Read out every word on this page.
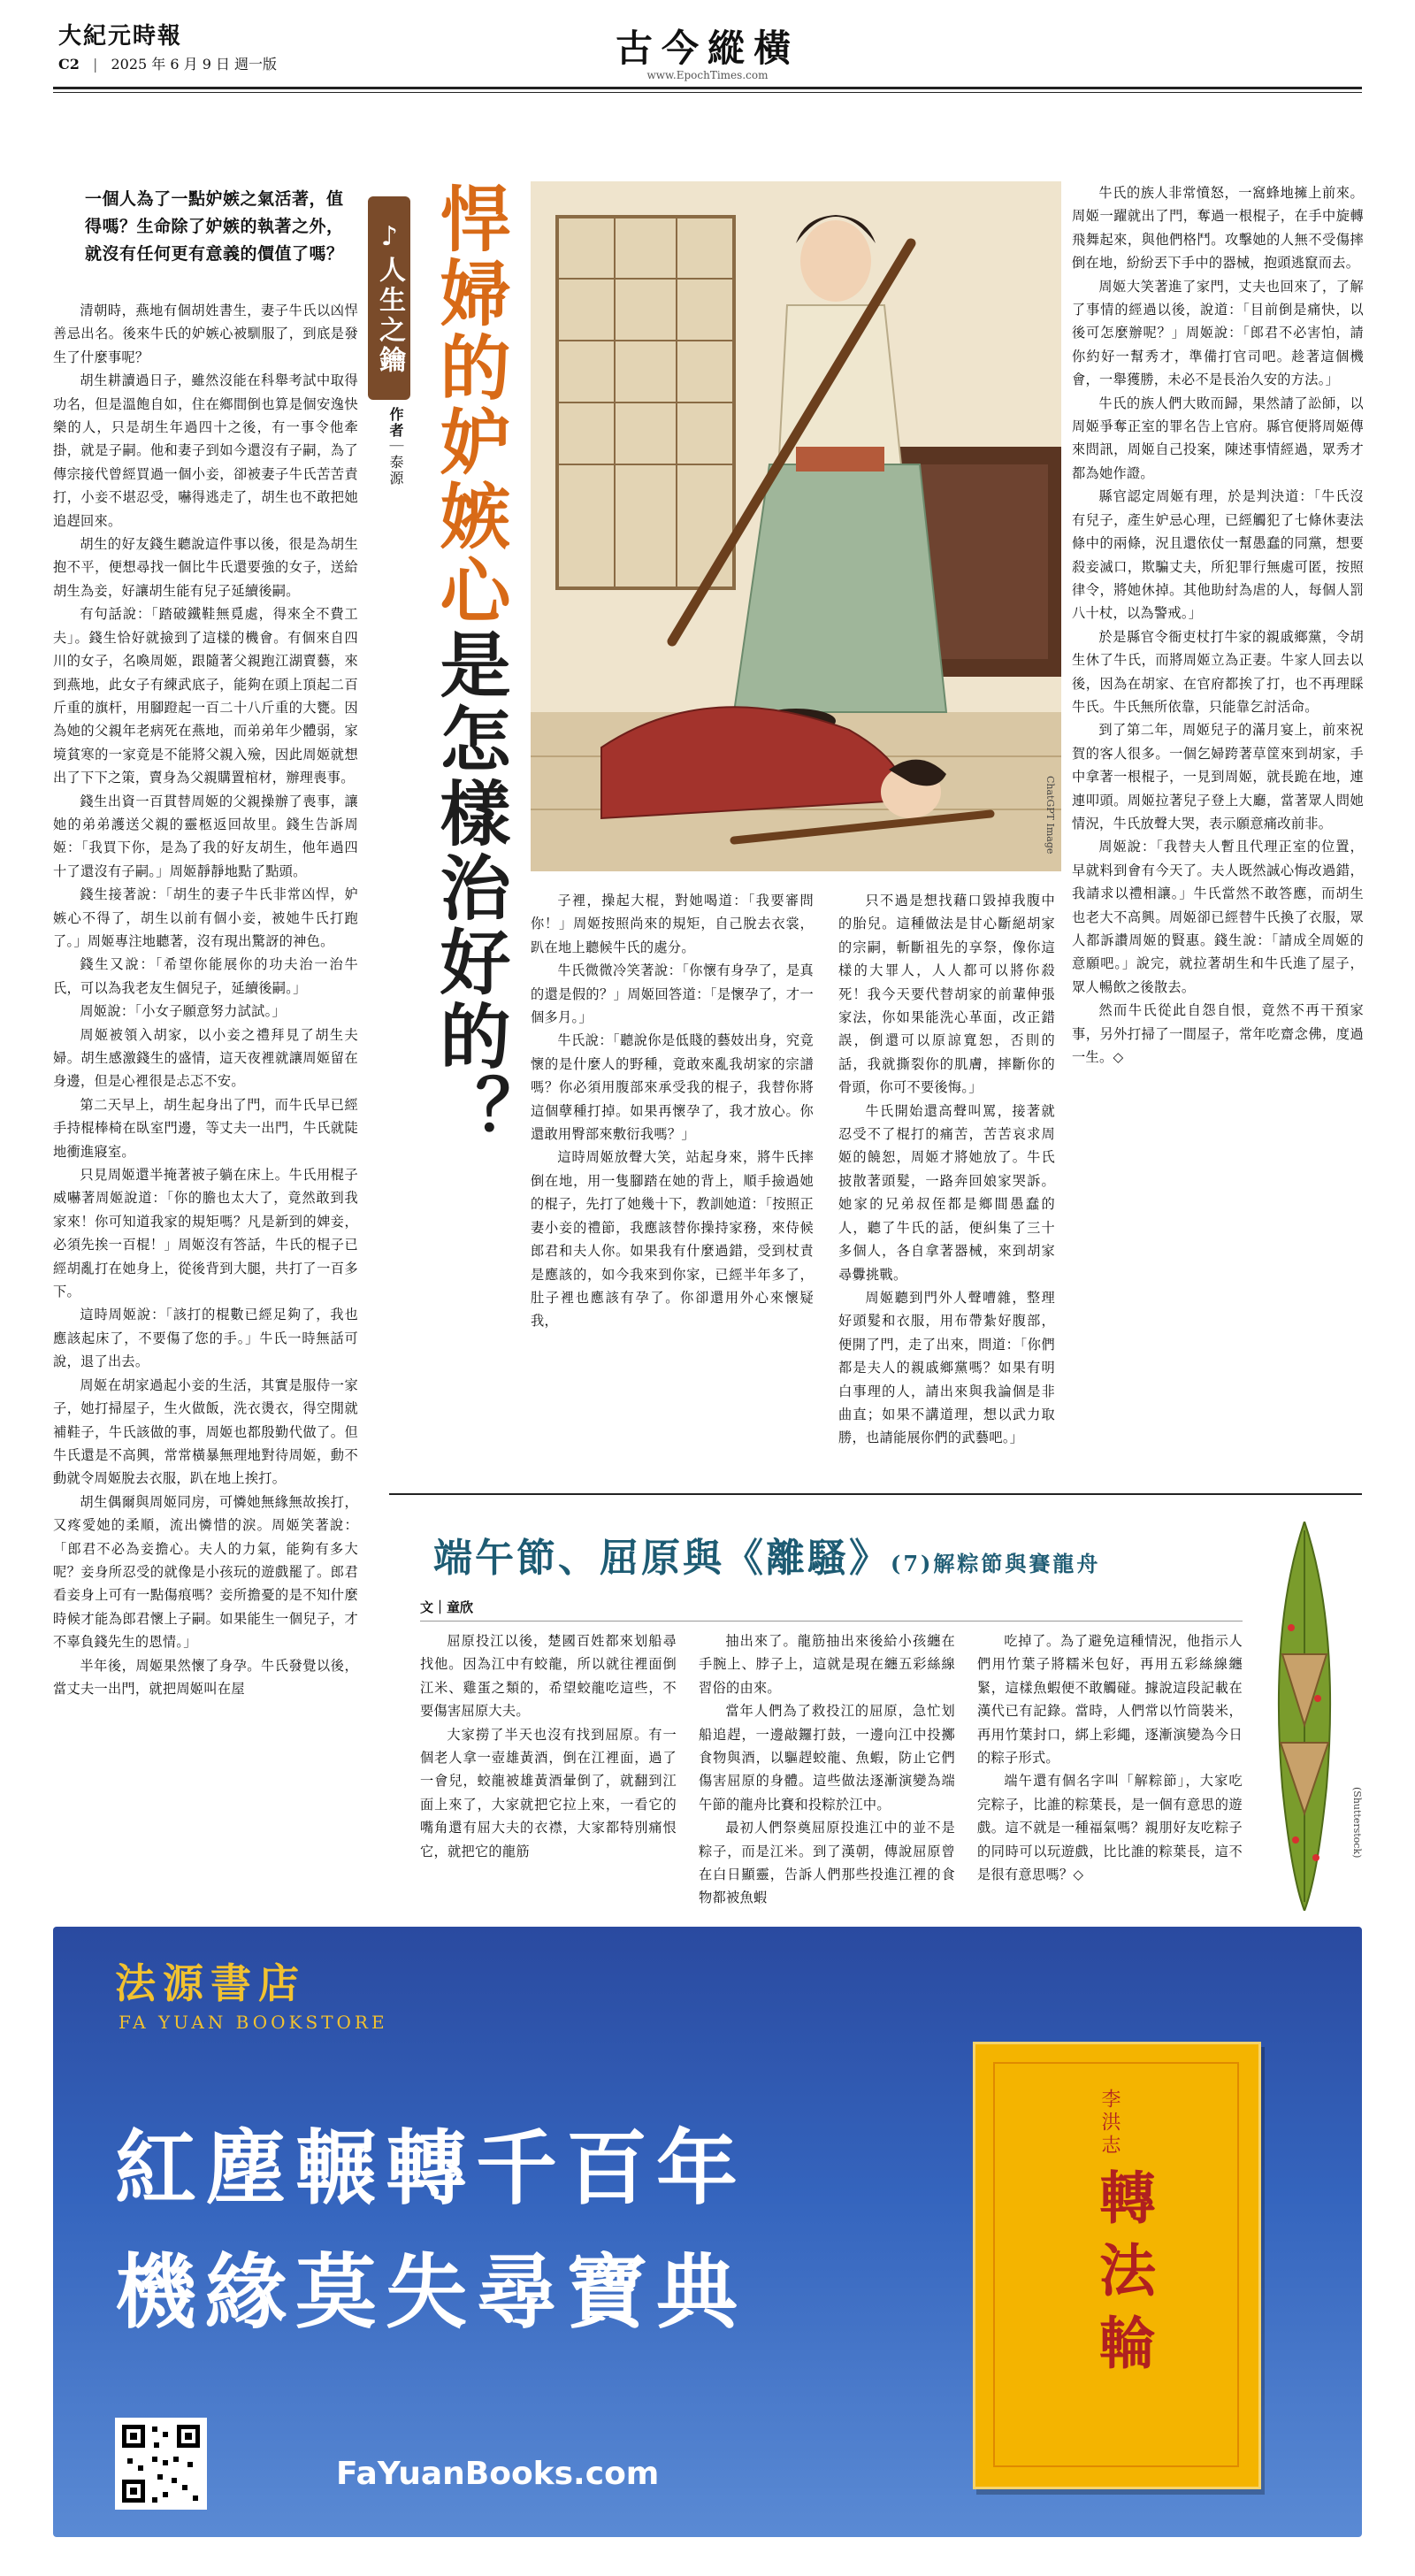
大紀元時報
C2 | 2025 年 6 月 9 日 週一版	古今縱橫
www.EpochTimes.com
一個人為了一點妒嫉之氣活著，值得嗎？生命除了妒嫉的執著之外，就沒有任何更有意義的價值了嗎？

清朝時，燕地有個胡姓書生，妻子牛氏以凶悍善忌出名。後來牛氏的妒嫉心被馴服了，到底是發生了什麼事呢？

胡生耕讀過日子，雖然沒能在科舉考試中取得功名，但是溫飽自如，住在鄉間倒也算是個安逸快樂的人，只是胡生年過四十之後，有一事令他牽掛，就是子嗣。他和妻子到如今還沒有子嗣，為了傳宗接代曾經買過一個小妾，卻被妻子牛氏苦苦責打，小妾不堪忍受，嚇得逃走了，胡生也不敢把她追趕回來。

胡生的好友錢生聽說這件事以後，很是為胡生抱不平，便想尋找一個比牛氏還要強的女子，送給胡生為妾，好讓胡生能有兒子延續後嗣。

有句話說：「踏破鐵鞋無覓處，得來全不費工夫」。錢生恰好就撿到了這樣的機會。有個來自四川的女子，名喚周姬，跟隨著父親跑江湖賣藝，來到燕地，此女子有練武底子，能夠在頭上頂起二百斤重的旗杆，用腳蹬起一百二十八斤重的大甕。因為她的父親年老病死在燕地，而弟弟年少體弱，家境貧寒的一家竟是不能將父親入殮，因此周姬就想出了下下之策，賣身為父親購置棺材，辦理喪事。

錢生出資一百貫替周姬的父親操辦了喪事，讓她的弟弟護送父親的靈柩返回故里。錢生告訴周姬：「我買下你，是為了我的好友胡生，他年過四十了還沒有子嗣。」周姬靜靜地點了點頭。

錢生接著說：「胡生的妻子牛氏非常凶悍，妒嫉心不得了，胡生以前有個小妾，被她牛氏打跑了。」周姬專注地聽著，沒有現出驚訝的神色。

錢生又說：「希望你能展你的功夫治一治牛氏，可以為我老友生個兒子，延續後嗣。」

周姬說：「小女子願意努力試試。」

周姬被領入胡家，以小妾之禮拜見了胡生夫婦。胡生感激錢生的盛情，這天夜裡就讓周姬留在身邊，但是心裡很是忐忑不安。

第二天早上，胡生起身出了門，而牛氏早已經手持棍棒椅在臥室門邊，等丈夫一出門，牛氏就陡地衝進寢室。

只見周姬還半掩著被子躺在床上。牛氏用棍子威嚇著周姬說道：「你的膽也太大了，竟然敢到我家來！你可知道我家的規矩嗎？凡是新到的婢妾，必須先挨一百棍！」周姬沒有答話，牛氏的棍子已經胡亂打在她身上，從後背到大腿，共打了一百多下。

這時周姬說：「該打的棍數已經足夠了，我也應該起床了，不要傷了您的手。」牛氏一時無話可說，退了出去。

周姬在胡家過起小妾的生活，其實是服侍一家子，她打掃屋子，生火做飯，洗衣燙衣，得空閒就補鞋子，牛氏該做的事，周姬也都殷勤代做了。但牛氏還是不高興，常常橫暴無理地對待周姬，動不動就令周姬脫去衣服，趴在地上挨打。

胡生偶爾與周姬同房，可憐她無緣無故挨打，又疼愛她的柔順，流出憐惜的淚。周姬笑著說：「郎君不必為妾擔心。夫人的力氣，能夠有多大呢？妾身所忍受的就像是小孩玩的遊戲罷了。郎君看妾身上可有一點傷痕嗎？妾所擔憂的是不知什麼時候才能為郎君懷上子嗣。如果能生一個兒子，才不辜負錢先生的恩情。」

半年後，周姬果然懷了身孕。牛氏發覺以後，當丈夫一出門，就把周姬叫在屋

♪人生之鑰
作者｜泰源 悍婦的妒嫉心是怎樣治好的？	ChatGPT Image

子裡，操起大棍，對她喝道：「我要審問你！」周姬按照尚來的規矩，自己脫去衣裳，趴在地上聽候牛氏的處分。

牛氏微微冷笑著說：「你懷有身孕了，是真的還是假的？」周姬回答道：「是懷孕了，才一個多月。」

牛氏說：「聽說你是低賤的藝妓出身，究竟懷的是什麼人的野種，竟敢來亂我胡家的宗譜嗎？你必須用腹部來承受我的棍子，我替你將這個孽種打掉。如果再懷孕了，我才放心。你還敢用臀部來敷衍我嗎？」

這時周姬放聲大笑，站起身來，將牛氏摔倒在地，用一隻腳踏在她的背上，順手撿過她的棍子，先打了她幾十下，教訓她道：「按照正妻小妾的禮節，我應該替你操持家務，來侍候郎君和夫人你。如果我有什麼過錯，受到杖責是應該的，如今我來到你家，已經半年多了，肚子裡也應該有孕了。你卻還用外心來懷疑我，

只不過是想找藉口毀掉我腹中的胎兒。這種做法是甘心斷絕胡家的宗嗣，斬斷祖先的享祭，像你這樣的大罪人，人人都可以將你殺死！我今天要代替胡家的前輩伸張家法，你如果能洗心革面，改正錯誤，倒還可以原諒寬恕，否則的話，我就撕裂你的肌膚，摔斷你的骨頭，你可不要後悔。」

牛氏開始還高聲叫罵，接著就忍受不了棍打的痛苦，苦苦哀求周姬的饒恕，周姬才將她放了。牛氏披散著頭髮，一路奔回娘家哭訴。她家的兄弟叔侄都是鄉間愚蠢的人，聽了牛氏的話，便糾集了三十多個人，各自拿著器械，來到胡家尋釁挑戰。

周姬聽到門外人聲嘈雜，整理好頭髮和衣服，用布帶紮好腹部，便開了門，走了出來，問道：「你們都是夫人的親戚鄉黨嗎？如果有明白事理的人，請出來與我論個是非曲直；如果不講道理，想以武力取勝，也請能展你們的武藝吧。」

牛氏的族人非常憤怒，一窩蜂地擁上前來。周姬一躍就出了門，奪過一根棍子，在手中旋轉飛舞起來，與他們格鬥。攻擊她的人無不受傷摔倒在地，紛紛丟下手中的器械，抱頭逃竄而去。

周姬大笑著進了家門，丈夫也回來了，了解了事情的經過以後，說道：「目前倒是痛快，以後可怎麼辦呢？」周姬說：「郎君不必害怕，請你約好一幫秀才，準備打官司吧。趁著這個機會，一舉獲勝，未必不是長治久安的方法。」

牛氏的族人們大敗而歸，果然請了訟師，以周姬爭奪正室的罪名告上官府。縣官便將周姬傳來問訊，周姬自己投案，陳述事情經過，眾秀才都為她作證。

縣官認定周姬有理，於是判決道：「牛氏沒有兒子，產生妒忌心理，已經觸犯了七條休妻法條中的兩條，況且還依仗一幫愚蠢的同黨，想要殺妾滅口，欺騙丈夫，所犯罪行無處可匿，按照律令，將她休掉。其他助紂為虐的人，每個人罰八十杖，以為警戒。」

於是縣官令衙吏杖打牛家的親戚鄉黨，令胡生休了牛氏，而將周姬立為正妻。牛家人回去以後，因為在胡家、在官府都挨了打，也不再理睬牛氏。牛氏無所依靠，只能靠乞討活命。

到了第二年，周姬兒子的滿月宴上，前來祝賀的客人很多。一個乞婦跨著草筐來到胡家，手中拿著一根棍子，一見到周姬，就長跪在地，連連叩頭。周姬拉著兒子登上大廳，當著眾人問她情況，牛氏放聲大哭，表示願意痛改前非。

周姬說：「我替夫人暫且代理正室的位置，早就料到會有今天了。夫人既然誠心悔改過錯，我請求以禮相讓。」牛氏當然不敢答應，而胡生也老大不高興。周姬卻已經替牛氏換了衣服，眾人都訴讚周姬的賢惠。錢生說：「請成全周姬的意願吧。」說完，就拉著胡生和牛氏進了屋子，眾人暢飲之後散去。

然而牛氏從此自怨自恨，竟然不再干預家事，另外打掃了一間屋子，常年吃齋念佛，度過一生。◇

端午節、屈原與《離騷》(7)解粽節與賽龍舟
文｜童欣

屈原投江以後，楚國百姓都來划船尋找他。因為江中有蛟龍，所以就往裡面倒江米、雞蛋之類的，希望蛟龍吃這些，不要傷害屈原大夫。

大家撈了半天也沒有找到屈原。有一個老人拿一壺雄黃酒，倒在江裡面，過了一會兒，蛟龍被雄黃酒暈倒了，就翻到江面上來了，大家就把它拉上來，一看它的嘴角還有屈大夫的衣襟，大家都特別痛恨它，就把它的龍筋

抽出來了。龍筋抽出來後給小孩纏在手腕上、脖子上，這就是現在纏五彩絲線習俗的由來。

當年人們為了救投江的屈原，急忙划船追趕，一邊敲鑼打鼓，一邊向江中投擲食物與酒，以驅趕蛟龍、魚蝦，防止它們傷害屈原的身體。這些做法逐漸演變為端午節的龍舟比賽和投粽於江中。

最初人們祭奠屈原投進江中的並不是粽子，而是江米。到了漢朝，傳說屈原曾在白日顯靈，告訴人們那些投進江裡的食物都被魚蝦

吃掉了。為了避免這種情況，他指示人們用竹葉子將糯米包好，再用五彩絲線纏緊，這樣魚蝦便不敢觸碰。據說這段記載在漢代已有記錄。當時，人們常以竹筒裝米，再用竹葉封口，綁上彩繩，逐漸演變為今日的粽子形式。

端午還有個名字叫「解粽節」，大家吃完粽子，比誰的粽葉長，是一個有意思的遊戲。這不就是一種福氣嗎？親朋好友吃粽子的同時可以玩遊戲，比比誰的粽葉長，這不是很有意思嗎？◇

(Shutterstock)
法源書店
FA YUAN BOOKSTORE
紅塵輾轉千百年
機緣莫失尋寶典
FaYuanBooks.com
李洪志
轉法輪
